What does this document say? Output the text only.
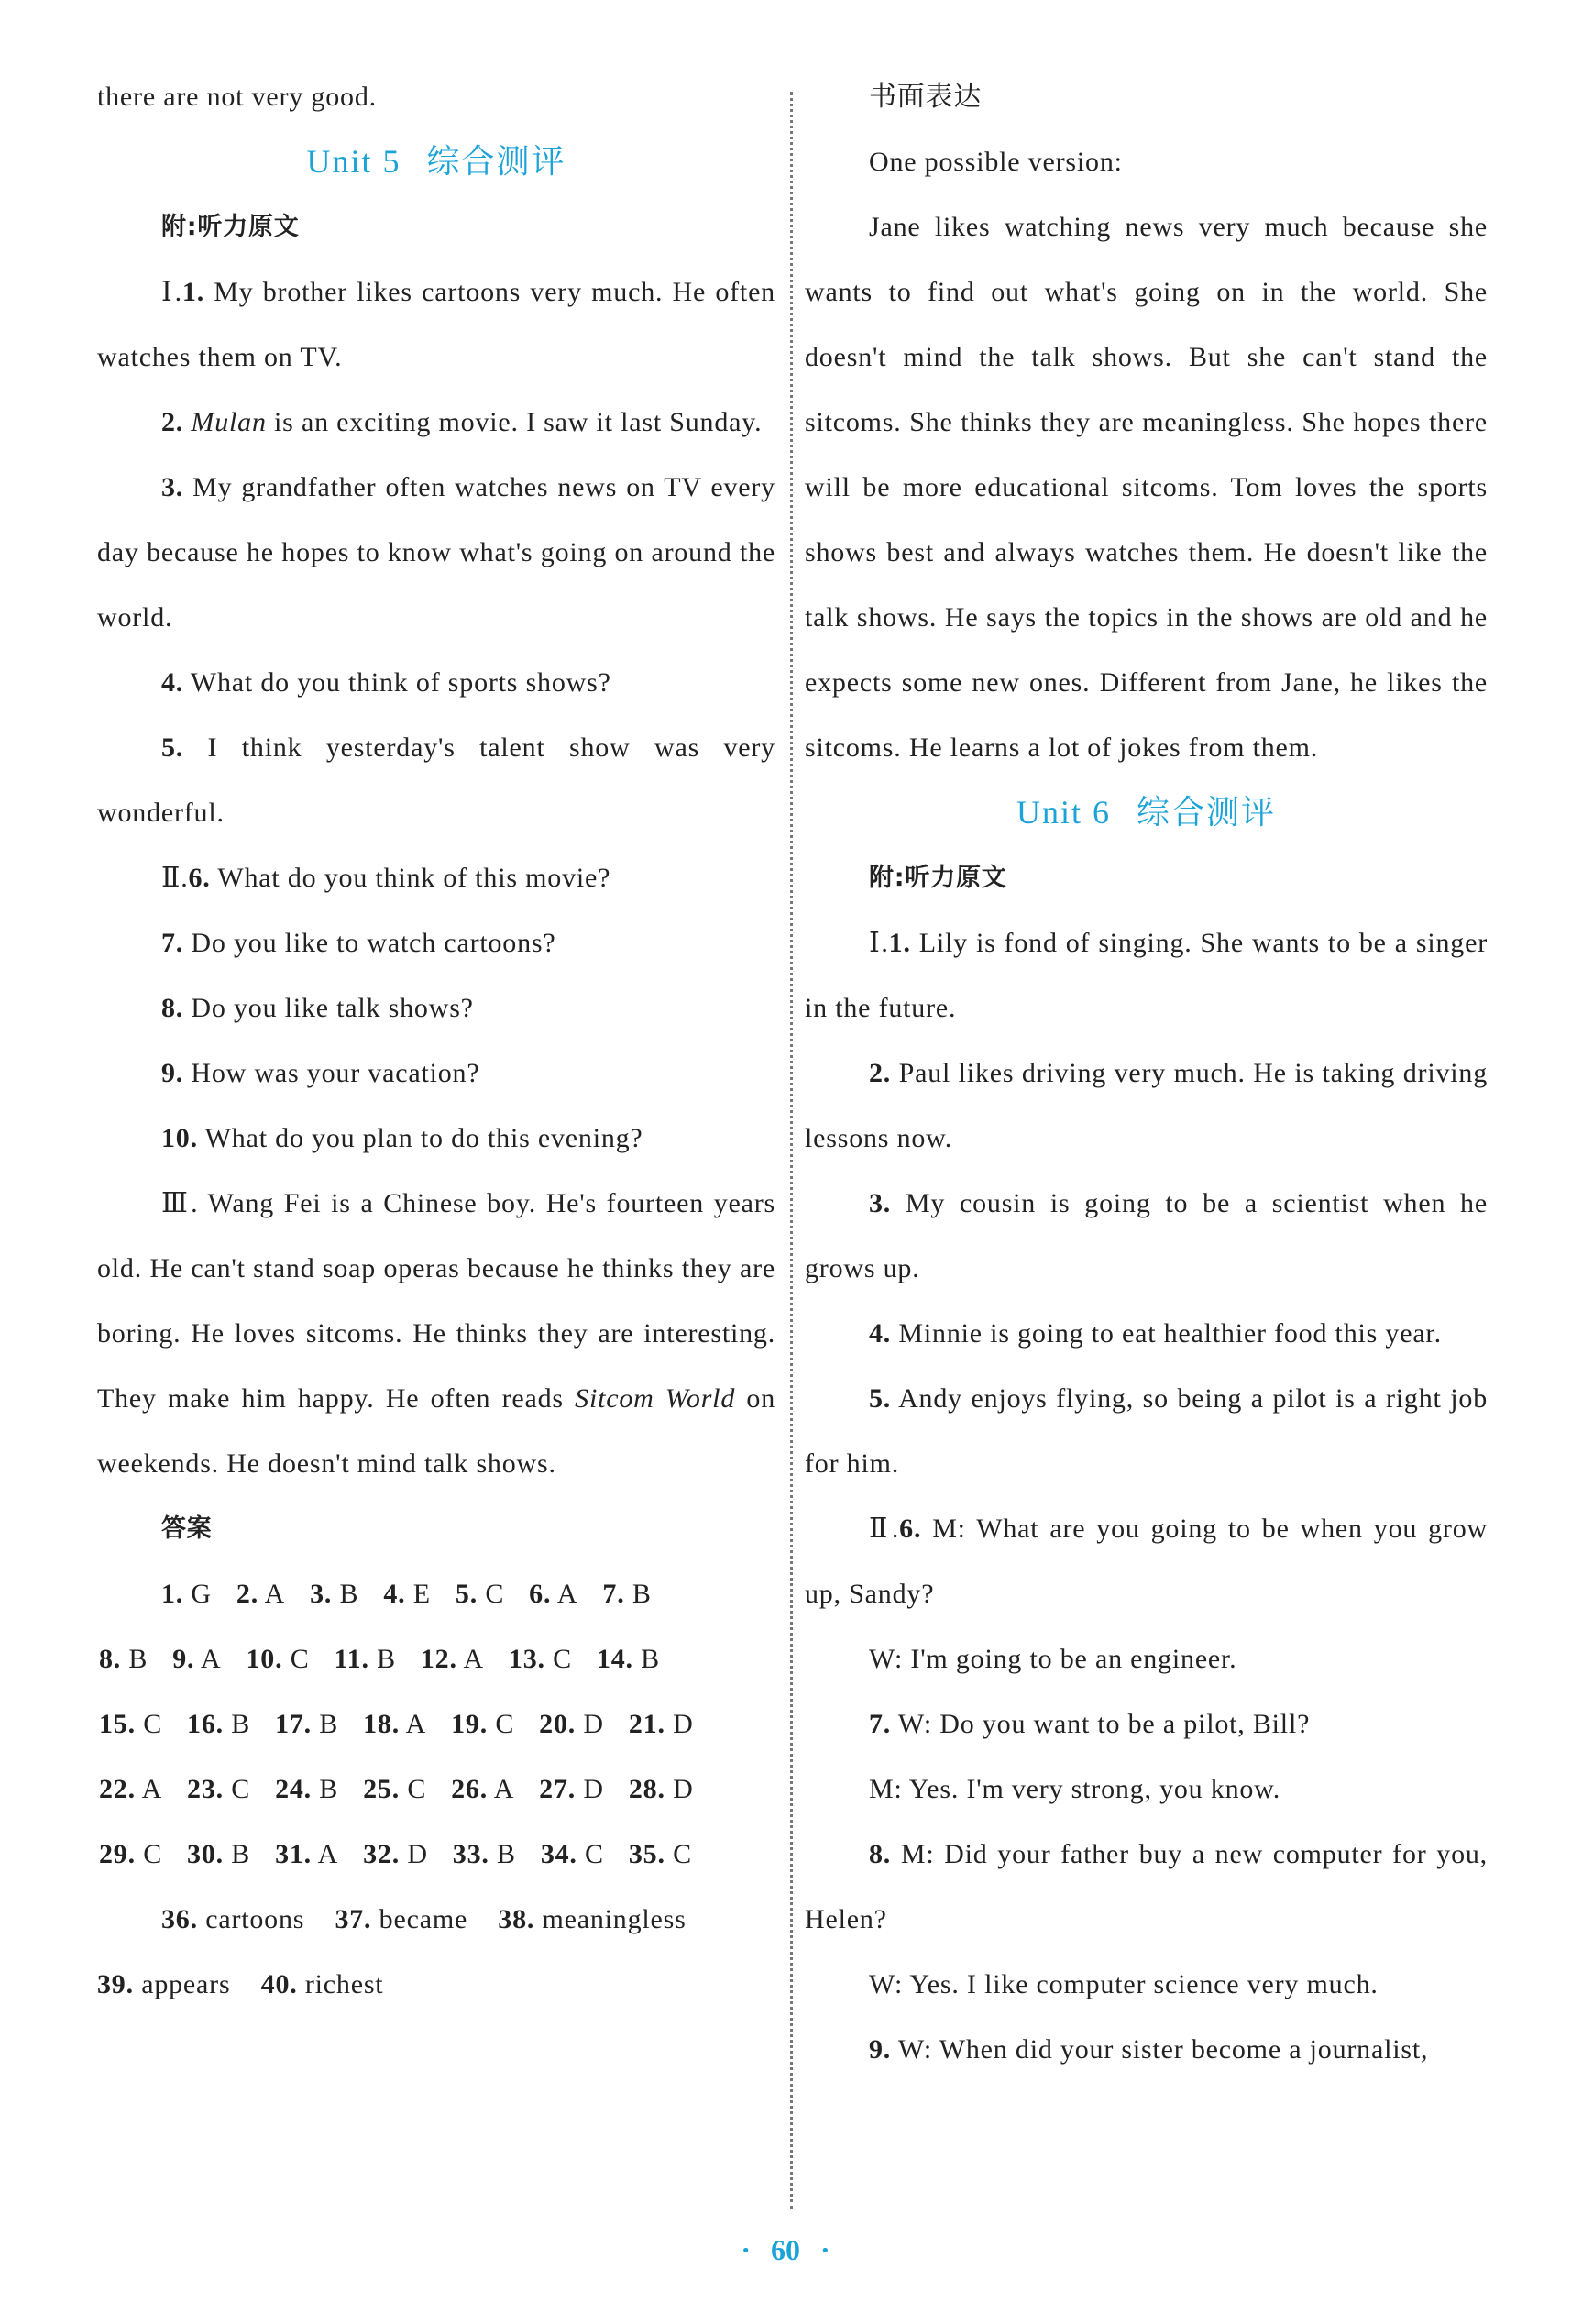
there are not very good.

Unit 5 综合测评

附:听力原文

Ⅰ.1. My brother likes cartoons very much. He often watches them on TV.

2. Mulan is an exciting movie. I saw it last Sunday.

3. My grandfather often watches news on TV every day because he hopes to know what's going on around the world.

4. What do you think of sports shows?

5. I think yesterday's talent show was very wonderful.

Ⅱ.6. What do you think of this movie?

7. Do you like to watch cartoons?

8. Do you like talk shows?

9. How was your vacation?

10. What do you plan to do this evening?

Ⅲ. Wang Fei is a Chinese boy. He's fourteen years old. He can't stand soap operas because he thinks they are boring. He loves sitcoms. He thinks they are interesting. They make him happy. He often reads Sitcom World on weekends. He doesn't mind talk shows.

答案

1. G 2. A 3. B 4. E 5. C 6. A 7. B

8. B 9. A 10. C 11. B 12. A 13. C 14. B

15. C 16. B 17. B 18. A 19. C 20. D 21. D

22. A 23. C 24. B 25. C 26. A 27. D 28. D

29. C 30. B 31. A 32. D 33. B 34. C 35. C

36. cartoons 37. became 38. meaningless

39. appears 40. richest

书面表达

One possible version:

Jane likes watching news very much because she wants to find out what's going on in the world. She doesn't mind the talk shows. But she can't stand the sitcoms. She thinks they are meaningless. She hopes there will be more educational sitcoms. Tom loves the sports shows best and always watches them. He doesn't like the talk shows. He says the topics in the shows are old and he expects some new ones. Different from Jane, he likes the sitcoms. He learns a lot of jokes from them.

Unit 6 综合测评

附:听力原文

Ⅰ.1. Lily is fond of singing. She wants to be a singer in the future.

2. Paul likes driving very much. He is taking driving lessons now.

3. My cousin is going to be a scientist when he grows up.

4. Minnie is going to eat healthier food this year.

5. Andy enjoys flying, so being a pilot is a right job for him.

Ⅱ.6. M: What are you going to be when you grow up, Sandy?

W: I'm going to be an engineer.

7. W: Do you want to be a pilot, Bill?

M: Yes. I'm very strong, you know.

8. M: Did your father buy a new computer for you, Helen?

W: Yes. I like computer science very much.

9. W: When did your sister become a journalist,

· 60 ·
